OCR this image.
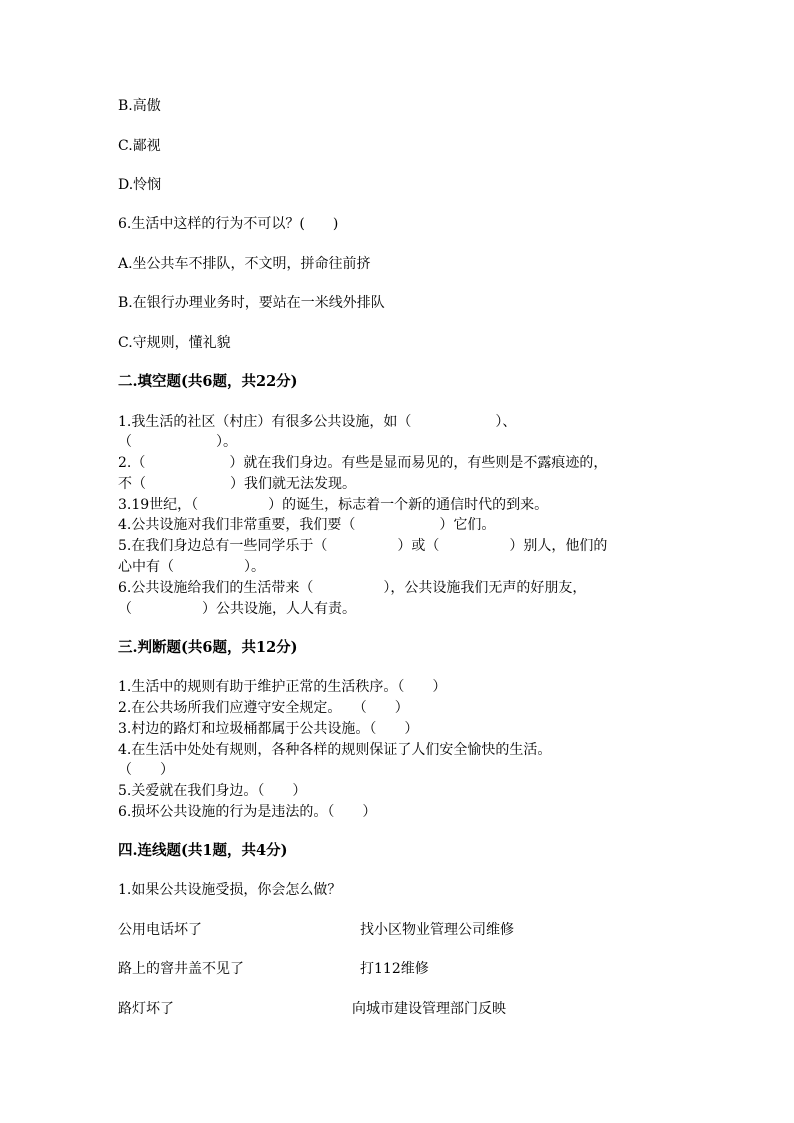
B.高傲
C.鄙视
D.怜悯
6.生活中这样的行为不可以？(　　)
A.坐公共车不排队，不文明，拼命往前挤
B.在银行办理业务时，要站在一米线外排队
C.守规则，懂礼貌
二.填空题(共6题，共22分)
1.我生活的社区（村庄）有很多公共设施，如（　　　　　　）、
（　　　　　　）。
2.（　　　　　　）就在我们身边。有些是显而易见的，有些则是不露痕迹的，
不（　　　　　　）我们就无法发现。
3.19世纪，（　　　　　）的诞生，标志着一个新的通信时代的到来。
4.公共设施对我们非常重要，我们要（　　　　　　）它们。
5.在我们身边总有一些同学乐于（　　　　　）或（　　　　　）别人，他们的
心中有（　　　　　）。
6.公共设施给我们的生活带来（　　　　　），公共设施我们无声的好朋友，
（　　　　　）公共设施，人人有责。
三.判断题(共6题，共12分)
1.生活中的规则有助于维护正常的生活秩序。（　　）
2.在公共场所我们应遵守安全规定。　 （　　）
3.村边的路灯和垃圾桶都属于公共设施。（　　）
4.在生活中处处有规则，各种各样的规则保证了人们安全愉快的生活。
（　　）
5.关爱就在我们身边。（　　）
6.损坏公共设施的行为是违法的。（　　）
四.连线题(共1题，共4分)
1.如果公共设施受损，你会怎么做？
公用电话坏了	找小区物业管理公司维修
路上的窨井盖不见了	打112维修
路灯坏了	向城市建设管理部门反映
